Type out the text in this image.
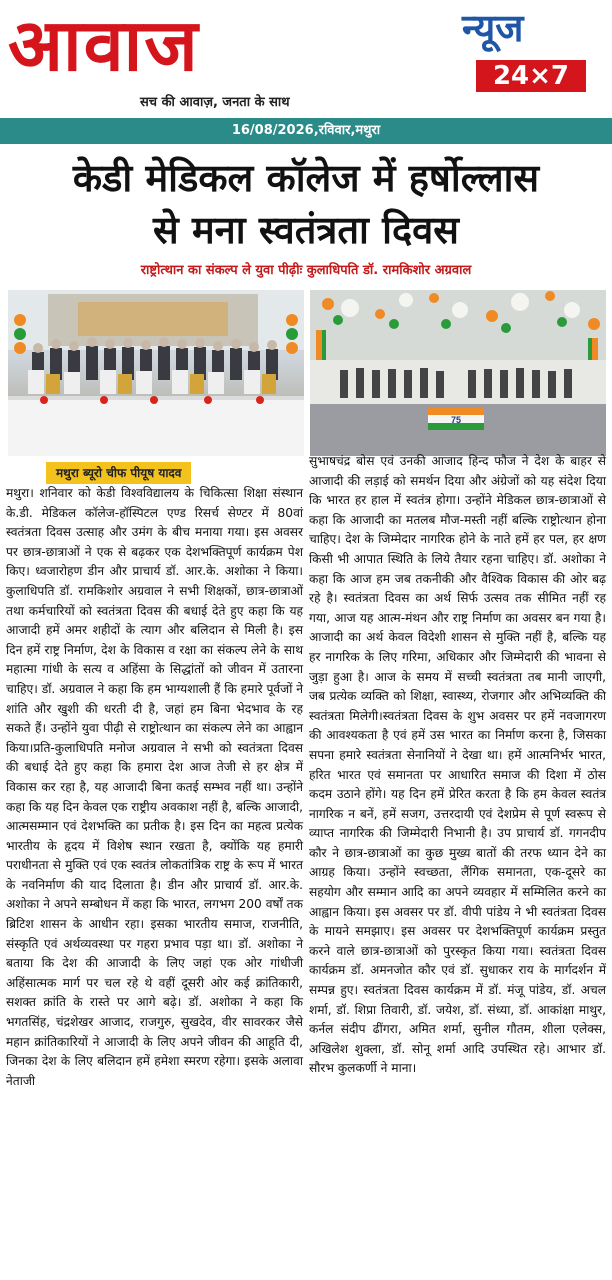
आवाज	न्यूज
24×7
सच की आवाज़, जनता के साथ
16/08/2026,रविवार,मथुरा
केडी मेडिकल कॉलेज में हर्षोल्लास
से मना स्वतंत्रता दिवस
राष्ट्रोत्थान का संकल्प ले युवा पीढ़ीः कुलाधिपति डॉ. रामकिशोर अग्रवाल
75
मथुरा ब्यूरो चीफ पीयूष यादव

मथुरा। शनिवार को केडी विश्वविद्यालय के चिकित्सा शिक्षा संस्थान के.डी. मेडिकल कॉलेज-हॉस्पिटल एण्ड रिसर्च सेण्टर में 80वां स्वतंत्रता दिवस उत्साह और उमंग के बीच मनाया गया। इस अवसर पर छात्र-छात्राओं ने एक से बढ़कर एक देशभक्तिपूर्ण कार्यक्रम पेश किए। ध्वजारोहण डीन और प्राचार्य डॉ. आर.के. अशोका ने किया। कुलाधिपति डॉ. रामकिशोर अग्रवाल ने सभी शिक्षकों, छात्र-छात्राओं तथा कर्मचारियों को स्वतंत्रता दिवस की बधाई देते हुए कहा कि यह आजादी हमें अमर शहीदों के त्याग और बलिदान से मिली है। इस दिन हमें राष्ट्र निर्माण, देश के विकास व रक्षा का संकल्प लेने के साथ महात्मा गांधी के सत्य व अहिंसा के सिद्धांतों को जीवन में उतारना चाहिए। डॉ. अग्रवाल ने कहा कि हम भाग्यशाली हैं कि हमारे पूर्वजों ने शांति और खुशी की धरती दी है, जहां हम बिना भेदभाव के रह सकते हैं। उन्होंने युवा पीढ़ी से राष्ट्रोत्थान का संकल्प लेने का आह्वान किया।प्रति-कुलाधिपति मनोज अग्रवाल ने सभी को स्वतंत्रता दिवस की बधाई देते हुए कहा कि हमारा देश आज तेजी से हर क्षेत्र में विकास कर रहा है, यह आजादी बिना कतई सम्भव नहीं था। उन्होंने कहा कि यह दिन केवल एक राष्ट्रीय अवकाश नहीं है, बल्कि आजादी, आत्मसम्मान एवं देशभक्ति का प्रतीक है। इस दिन का महत्व प्रत्येक भारतीय के हृदय में विशेष स्थान रखता है, क्योंकि यह हमारी पराधीनता से मुक्ति एवं एक स्वतंत्र लोकतांत्रिक राष्ट्र के रूप में भारत के नवनिर्माण की याद दिलाता है। डीन और प्राचार्य डॉ. आर.के. अशोका ने अपने सम्बोधन में कहा कि भारत, लगभग 200 वर्षों तक ब्रिटिश शासन के आधीन रहा। इसका भारतीय समाज, राजनीति, संस्कृति एवं अर्थव्यवस्था पर गहरा प्रभाव पड़ा था। डॉ. अशोका ने बताया कि देश की आजादी के लिए जहां एक ओर गांधीजी अहिंसात्मक मार्ग पर चल रहे थे वहीं दूसरी ओर कई क्रांतिकारी, सशक्त क्रांति के रास्ते पर आगे बढ़े। डॉ. अशोका ने कहा कि भगतसिंह, चंद्रशेखर आजाद, राजगुरु, सुखदेव, वीर सावरकर जैसे महान क्रांतिकारियों ने आजादी के लिए अपने जीवन की आहूति दी, जिनका देश के लिए बलिदान हमें हमेशा स्मरण रहेगा। इसके अलावा नेताजी

सुभाषचंद्र बोस एवं उनकी आजाद हिन्द फौज ने देश के बाहर से आजादी की लड़ाई को समर्थन दिया और अंग्रेजों को यह संदेश दिया कि भारत हर हाल में स्वतंत्र होगा। उन्होंने मेडिकल छात्र-छात्राओं से कहा कि आजादी का मतलब मौज-मस्ती नहीं बल्कि राष्ट्रोत्थान होना चाहिए। देश के जिम्मेदार नागरिक होने के नाते हमें हर पल, हर क्षण किसी भी आपात स्थिति के लिये तैयार रहना चाहिए। डॉ. अशोका ने कहा कि आज हम जब तकनीकी और वैश्विक विकास की ओर बढ़ रहे है। स्वतंत्रता दिवस का अर्थ सिर्फ उत्सव तक सीमित नहीं रह गया, आज यह आत्म-मंथन और राष्ट्र निर्माण का अवसर बन गया है। आजादी का अर्थ केवल विदेशी शासन से मुक्ति नहीं है, बल्कि यह हर नागरिक के लिए गरिमा, अधिकार और जिम्मेदारी की भावना से जुड़ा हुआ है। आज के समय में सच्ची स्वतंत्रता तब मानी जाएगी, जब प्रत्येक व्यक्ति को शिक्षा, स्वास्थ्य, रोजगार और अभिव्यक्ति की स्वतंत्रता मिलेगी।स्वतंत्रता दिवस के शुभ अवसर पर हमें नवजागरण की आवश्यकता है एवं हमें उस भारत का निर्माण करना है, जिसका सपना हमारे स्वतंत्रता सेनानियों ने देखा था। हमें आत्मनिर्भर भारत, हरित भारत एवं समानता पर आधारित समाज की दिशा में ठोस कदम उठाने होंगे। यह दिन हमें प्रेरित करता है कि हम केवल स्वतंत्र नागरिक न बनें, हमें सजग, उत्तरदायी एवं देशप्रेम से पूर्ण स्वरूप से व्याप्त नागरिक की जिम्मेदारी निभानी है। उप प्राचार्य डॉ. गगनदीप कौर ने छात्र-छात्राओं का कुछ मुख्य बातों की तरफ ध्यान देने का आग्रह किया। उन्होंने स्वच्छता, लैंगिक समानता, एक-दूसरे का सहयोग और सम्मान आदि का अपने व्यवहार में सम्मिलित करने का आह्वान किया। इस अवसर पर डॉ. वीपी पांडेय ने भी स्वतंत्रता दिवस के मायने समझाए। इस अवसर पर देशभक्तिपूर्ण कार्यक्रम प्रस्तुत करने वाले छात्र-छात्राओं को पुरस्कृत किया गया। स्वतंत्रता दिवस कार्यक्रम डॉ. अमनजोत कौर एवं डॉ. सुधाकर राय के मार्गदर्शन में सम्पन्न हुए। स्वतंत्रता दिवस कार्यक्रम में डॉ. मंजू पांडेय, डॉ. अचल शर्मा, डॉ. शिप्रा तिवारी, डॉ. जयेश, डॉ. संध्या, डॉ. आकांक्षा माथुर, कर्नल संदीप ढींगरा, अमित शर्मा, सुनील गौतम, शीला एलेक्स, अखिलेश शुक्ला, डॉ. सोनू शर्मा आदि उपस्थित रहे। आभार डॉ. सौरभ कुलकर्णी ने माना।
